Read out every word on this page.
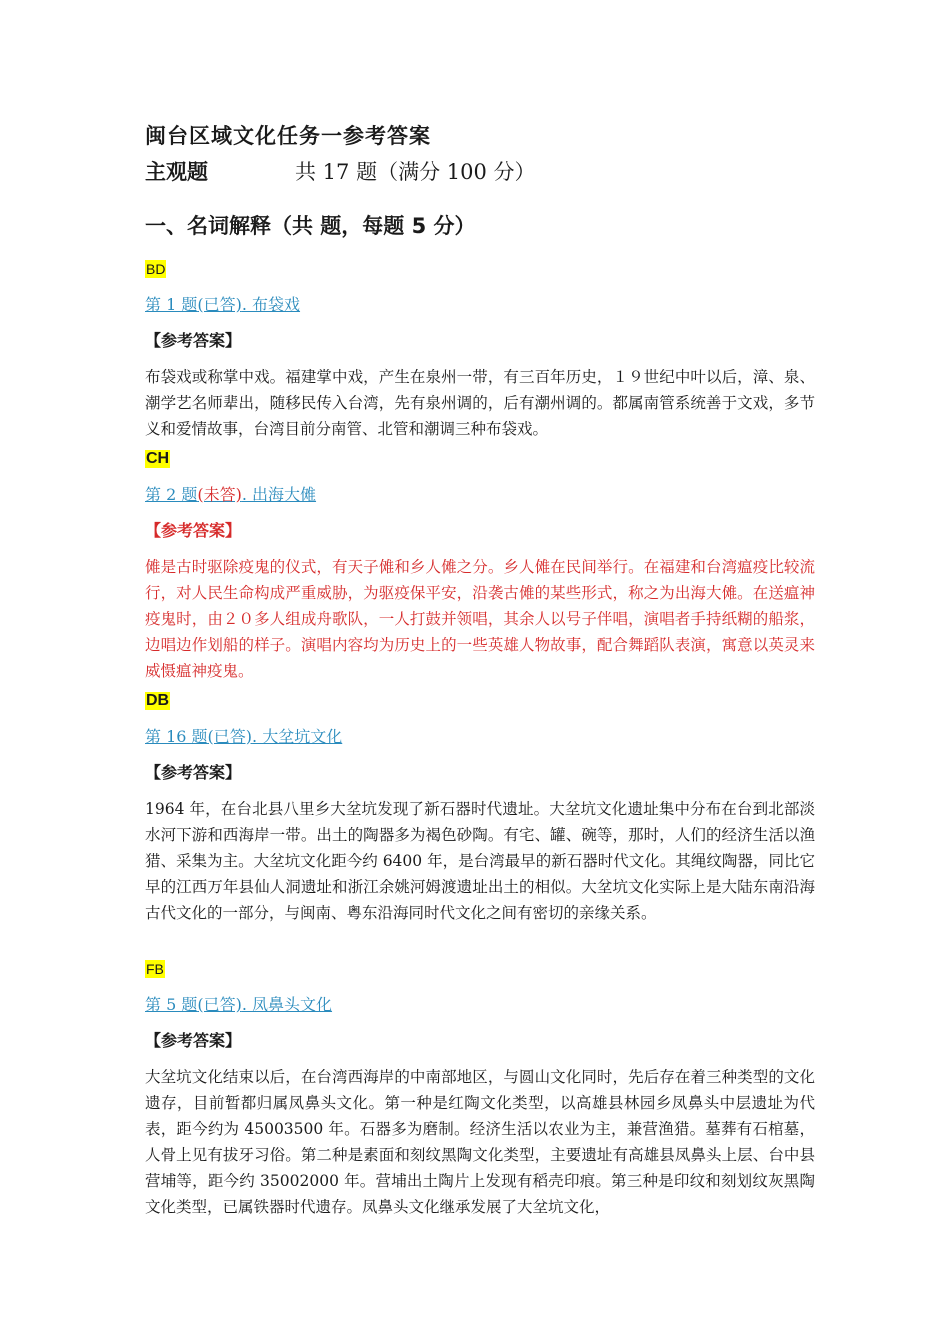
闽台区域文化任务一参考答案
主观题	共 17 题（满分 100 分）
一、名词解释（共 题，每题 5 分）
BD
第 1 题(已答). 布袋戏
【参考答案】

布袋戏或称掌中戏。福建掌中戏，产生在泉州一带，有三百年历史，１９世纪中叶以后，漳、泉、潮学艺名师辈出，随移民传入台湾，先有泉州调的，后有潮州调的。都属南管系统善于文戏，多节义和爱情故事，台湾目前分南管、北管和潮调三种布袋戏。

CH
第 2 题(未答). 出海大傩
【参考答案】

傩是古时驱除疫鬼的仪式，有天子傩和乡人傩之分。乡人傩在民间举行。在福建和台湾瘟疫比较流行，对人民生命构成严重威胁，为驱疫保平安，沿袭古傩的某些形式，称之为出海大傩。在送瘟神疫鬼时，由２０多人组成舟歌队，一人打鼓并领唱，其余人以号子伴唱，演唱者手持纸糊的船浆，边唱边作划船的样子。演唱内容均为历史上的一些英雄人物故事，配合舞蹈队表演，寓意以英灵来威慑瘟神疫鬼。

DB
第 16 题(已答). 大坌坑文化
【参考答案】

1964 年，在台北县八里乡大坌坑发现了新石器时代遗址。大坌坑文化遗址集中分布在台到北部淡水河下游和西海岸一带。出土的陶器多为褐色砂陶。有宅、罐、碗等，那时，人们的经济生活以渔猎、采集为主。大坌坑文化距今约 6400 年，是台湾最早的新石器时代文化。其绳纹陶器，同比它早的江西万年县仙人洞遗址和浙江余姚河姆渡遗址出土的相似。大坌坑文化实际上是大陆东南沿海古代文化的一部分，与闽南、粤东沿海同时代文化之间有密切的亲缘关系。

FB
第 5 题(已答). 凤鼻头文化
【参考答案】

大坌坑文化结束以后，在台湾西海岸的中南部地区，与圆山文化同时，先后存在着三种类型的文化遗存，目前暂都归属凤鼻头文化。第一种是红陶文化类型，以高雄县林园乡凤鼻头中层遗址为代表，距今约为 45003500 年。石器多为磨制。经济生活以农业为主，兼营渔猎。墓葬有石棺墓，人骨上见有拔牙习俗。第二种是素面和刻纹黑陶文化类型，主要遗址有高雄县凤鼻头上层、台中县营埔等，距今约 35002000 年。营埔出土陶片上发现有稻壳印痕。第三种是印纹和刻划纹灰黑陶文化类型，已属铁器时代遗存。凤鼻头文化继承发展了大坌坑文化，
